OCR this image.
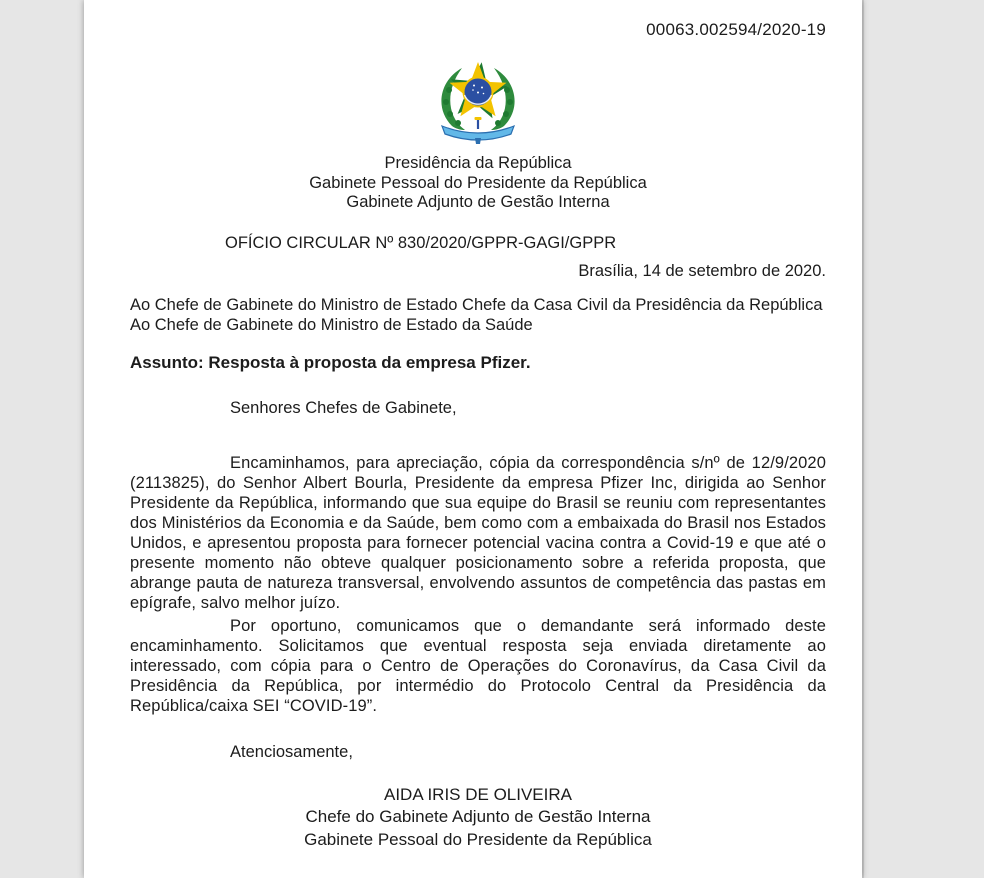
00063.002594/2020-19
Presidência da República
Gabinete Pessoal do Presidente da República
Gabinete Adjunto de Gestão Interna
OFÍCIO CIRCULAR Nº 830/2020/GPPR-GAGI/GPPR
Brasília, 14 de setembro de 2020.
Ao Chefe de Gabinete do Ministro de Estado Chefe da Casa Civil da Presidência da República
Ao Chefe de Gabinete do Ministro de Estado da Saúde
Assunto: Resposta à proposta da empresa Pfizer.
Senhores Chefes de Gabinete,

Encaminhamos, para apreciação, cópia da correspondência s/nº de 12/9/2020 (2113825), do Senhor Albert Bourla, Presidente da empresa Pfizer Inc, dirigida ao Senhor Presidente da República, informando que sua equipe do Brasil se reuniu com representantes dos Ministérios da Economia e da Saúde, bem como com a embaixada do Brasil nos Estados Unidos, e apresentou proposta para fornecer potencial vacina contra a Covid-19 e que até o presente momento não obteve qualquer posicionamento sobre a referida proposta, que abrange pauta de natureza transversal, envolvendo assuntos de competência das pastas em epígrafe, salvo melhor juízo.

Por oportuno, comunicamos que o demandante será informado deste encaminhamento. Solicitamos que eventual resposta seja enviada diretamente ao interessado, com cópia para o Centro de Operações do Coronavírus, da Casa Civil da Presidência da República, por intermédio do Protocolo Central da Presidência da República/caixa SEI “COVID-19”.

Atenciosamente,
AIDA IRIS DE OLIVEIRA
Chefe do Gabinete Adjunto de Gestão Interna
Gabinete Pessoal do Presidente da República
